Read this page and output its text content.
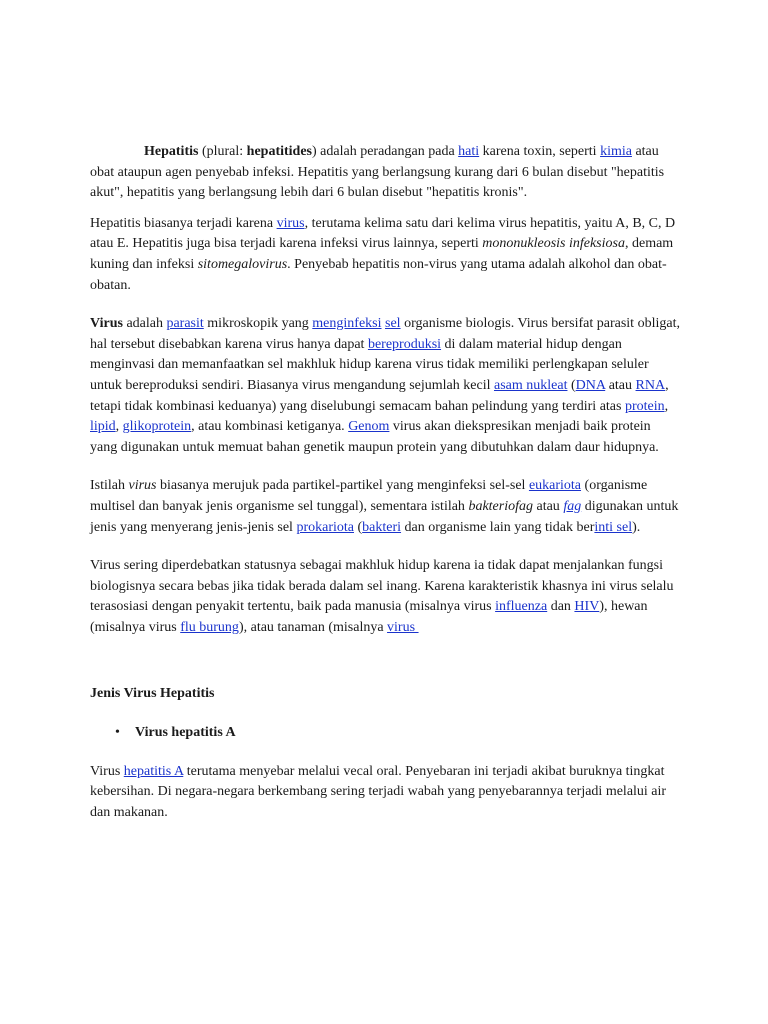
Hepatitis (plural: hepatitides) adalah peradangan pada hati karena toxin, seperti kimia atau obat ataupun agen penyebab infeksi. Hepatitis yang berlangsung kurang dari 6 bulan disebut "hepatitis akut", hepatitis yang berlangsung lebih dari 6 bulan disebut "hepatitis kronis".

Hepatitis biasanya terjadi karena virus, terutama kelima satu dari kelima virus hepatitis, yaitu A, B, C, D atau E. Hepatitis juga bisa terjadi karena infeksi virus lainnya, seperti mononukleosis infeksiosa, demam kuning dan infeksi sitomegalovirus. Penyebab hepatitis non-virus yang utama adalah alkohol dan obat-obatan.

Virus adalah parasit mikroskopik yang menginfeksi sel organisme biologis. Virus bersifat parasit obligat, hal tersebut disebabkan karena virus hanya dapat bereproduksi di dalam material hidup dengan menginvasi dan memanfaatkan sel makhluk hidup karena virus tidak memiliki perlengkapan seluler untuk bereproduksi sendiri. Biasanya virus mengandung sejumlah kecil asam nukleat (DNA atau RNA, tetapi tidak kombinasi keduanya) yang diselubungi semacam bahan pelindung yang terdiri atas protein, lipid, glikoprotein, atau kombinasi ketiganya. Genom virus akan diekspresikan menjadi baik protein yang digunakan untuk memuat bahan genetik maupun protein yang dibutuhkan dalam daur hidupnya.

Istilah virus biasanya merujuk pada partikel-partikel yang menginfeksi sel-sel eukariota (organisme multisel dan banyak jenis organisme sel tunggal), sementara istilah bakteriofag atau fag digunakan untuk jenis yang menyerang jenis-jenis sel prokariota (bakteri dan organisme lain yang tidak berinti sel).

Virus sering diperdebatkan statusnya sebagai makhluk hidup karena ia tidak dapat menjalankan fungsi biologisnya secara bebas jika tidak berada dalam sel inang. Karena karakteristik khasnya ini virus selalu terasosiasi dengan penyakit tertentu, baik pada manusia (misalnya virus influenza dan HIV), hewan (misalnya virus flu burung), atau tanaman (misalnya virus

Jenis Virus Hepatitis

• Virus hepatitis A

Virus hepatitis A terutama menyebar melalui vecal oral. Penyebaran ini terjadi akibat buruknya tingkat kebersihan. Di negara-negara berkembang sering terjadi wabah yang penyebarannya terjadi melalui air dan makanan.
